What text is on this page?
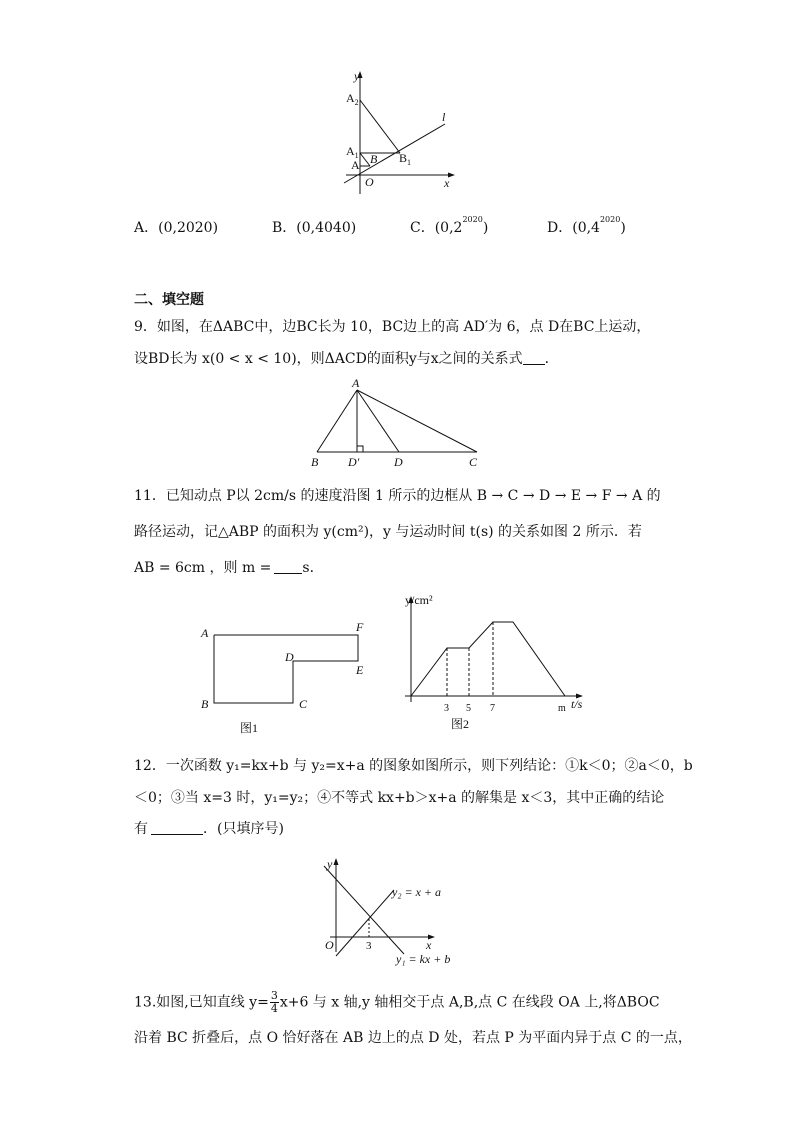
y
$A_2$
$A_1$
A B $B_1$
O	x
l
A．(0,2020)	B．(0,4040)	C．$(0,2^{2020})$	D．$(0,4^{2020})$
二、填空题
9．如图，在ΔABC中，边BC长为 10，BC边上的高 AD′为 6，点 D在BC上运动，
设BD长为 x(0 < x < 10)，则ΔACD的面积y与x之间的关系式 ．
A
B D′	D	C
11．已知动点 P以 2cm/s 的速度沿图 1 所示的边框从 B → C → D → E → F → A 的
路径运动，记△ABP 的面积为 y(cm²)，y 与运动时间 t(s) 的关系如图 2 所示．若
AB = 6cm ，则 m = s．
A	F
D
E
B	C
图1
y/cm²
t/s
3 5 7	m
图2
12．一次函数 y₁=kx+b 与 y₂=x+a 的图象如图所示，则下列结论：①k＜0；②a＜0，b
＜0；③当 x=3 时，y₁=y₂；④不等式 kx+b＞x+a 的解集是 x＜3，其中正确的结论
有	．(只填序号)
y
O	x
3
y₂ = x + a
y₁ = kx + b
13.如图,已知直线 $y= \frac{3}{4} x+6$ 与 x 轴,y 轴相交于点 A,B,点 C 在线段 OA 上,将ΔBOC
沿着 BC 折叠后，点 O 恰好落在 AB 边上的点 D 处，若点 P 为平面内异于点 C 的一点，
